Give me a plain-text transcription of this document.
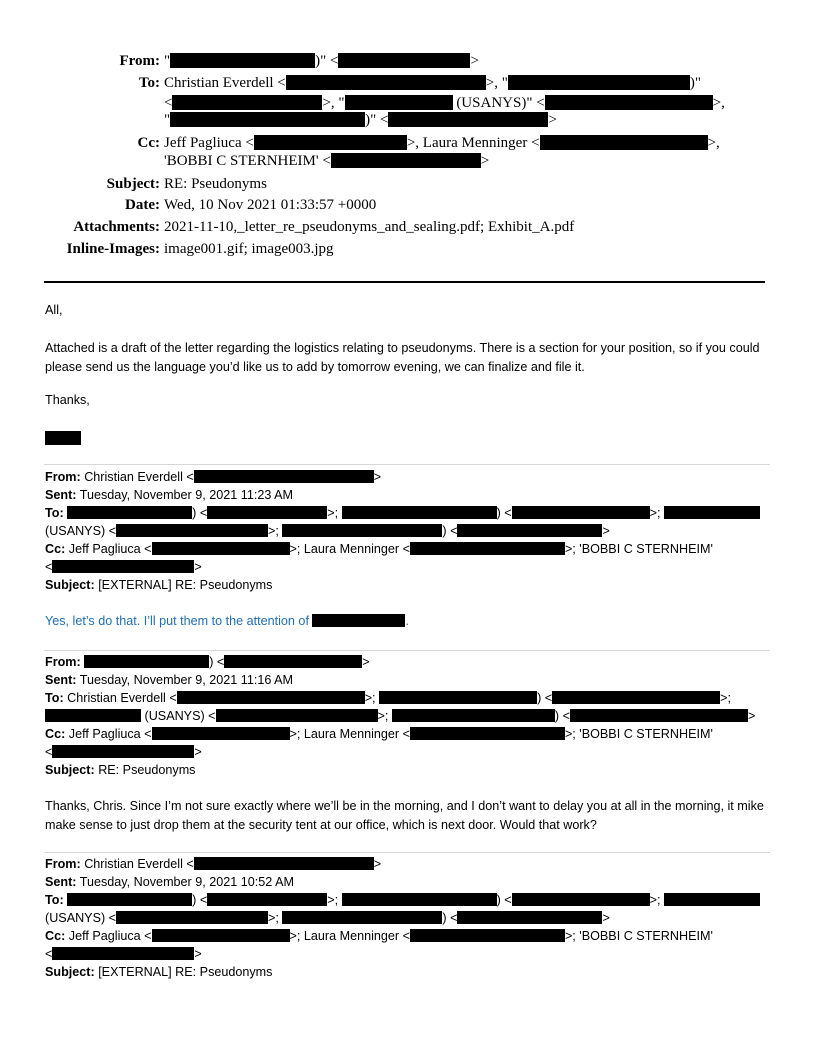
From: "	)" <	>
To: Christian Everdell <	>, "	)"
<	>, "	(USANYS)" <	>,
"	)" <	>
Cc: Jeff Pagliuca <	>, Laura Menninger <	>,
'BOBBI C STERNHEIM' <	>
Subject: RE: Pseudonyms
Date: Wed, 10 Nov 2021 01:33:57 +0000
Attachments: 2021-11-10,_letter_re_pseudonyms_and_sealing.pdf; Exhibit_A.pdf
Inline-Images: image001.gif; image003.jpg
All,
Attached is a draft of the letter regarding the logistics relating to pseudonyms. There is a section for your position, so if you could please send us the language you’d like us to add by tomorrow evening, we can finalize and file it.
Thanks,
From: Christian Everdell <	>
Sent: Tuesday, November 9, 2021 11:23 AM
To:	) <	>;	) <	>;
(USANYS) <	>;	) <	>
Cc: Jeff Pagliuca <	>; Laura Menninger <	>; 'BOBBI C STERNHEIM'
<	>
Subject: [EXTERNAL] RE: Pseudonyms
Yes, let’s do that. I’ll put them to the attention of	.
From:	) <	>
Sent: Tuesday, November 9, 2021 11:16 AM
To: Christian Everdell <	>;	) <	>;
(USANYS) <	>;	) <	>
Cc: Jeff Pagliuca <	>; Laura Menninger <	>; 'BOBBI C STERNHEIM'
<	>
Subject: RE: Pseudonyms
Thanks, Chris. Since I’m not sure exactly where we’ll be in the morning, and I don’t want to delay you at all in the morning, it mike make sense to just drop them at the security tent at our office, which is next door. Would that work?
From: Christian Everdell <	>
Sent: Tuesday, November 9, 2021 10:52 AM
To:	) <	>;	) <	>;
(USANYS) <	>;	) <	>
Cc: Jeff Pagliuca <	>; Laura Menninger <	>; 'BOBBI C STERNHEIM'
<	>
Subject: [EXTERNAL] RE: Pseudonyms
